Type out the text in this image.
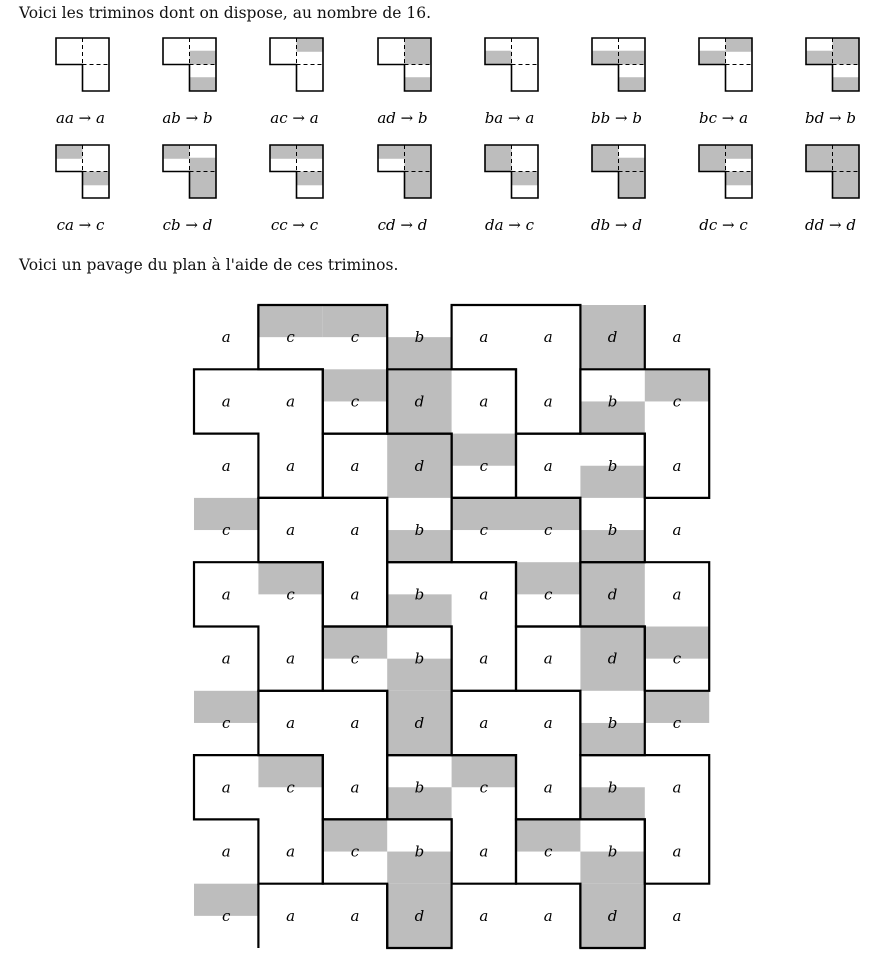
Voici les triminos dont on dispose, au nombre de 16.

Voici un pavage du plan à l'aide de ces triminos.

aa → a	ab → b	ac → a	ad → b	ba → a	bb → b	bc → a	bd → b
ca → c	cb → d	cc → c	cd → d	da → c	db → d	dc → c	dd → d
a	c	c	b	a	a	d	a
a	a	c	d	a	a	b	c
a	a	a	d	c	a	b	a
c	a	a	b	c	c	b	a
a	c	a	b	a	c	d	a
a	a	c	b	a	a	d	c
c	a	a	d	a	a	b	c
a	c	a	b	c	a	b	a
a	a	c	b	a	c	b	a
c	a	a	d	a	a	d	a
